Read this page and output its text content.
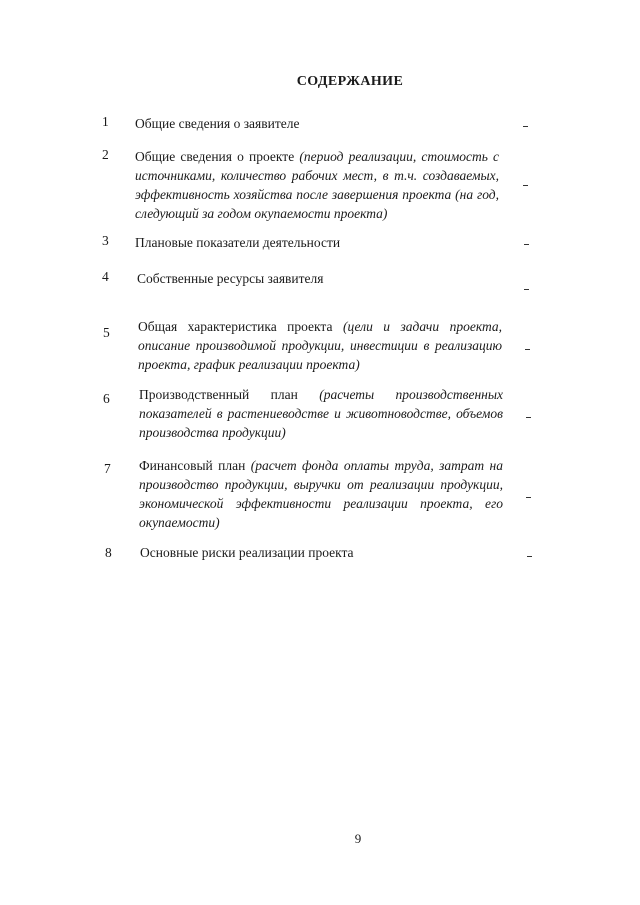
СОДЕРЖАНИЕ
1 Общие сведения о заявителе
2 Общие сведения о проекте (период реализации, стоимость с источниками, количество рабочих мест, в т.ч. создаваемых, эффективность хозяйства после завершения проекта (на год, следующий за годом окупаемости проекта)
3 Плановые показатели деятельности
4 Собственные ресурсы заявителя
5 Общая характеристика проекта (цели и задачи проекта, описание производимой продукции, инвестиции в реализацию проекта, график реализации проекта)
6 Производственный план (расчеты производственных показателей в растениеводстве и животноводстве, объемов производства продукции)
7 Финансовый план (расчет фонда оплаты труда, затрат на производство продукции, выручки от реализации продукции, экономической эффективности реализации проекта, его окупаемости)
8 Основные риски реализации проекта
9
